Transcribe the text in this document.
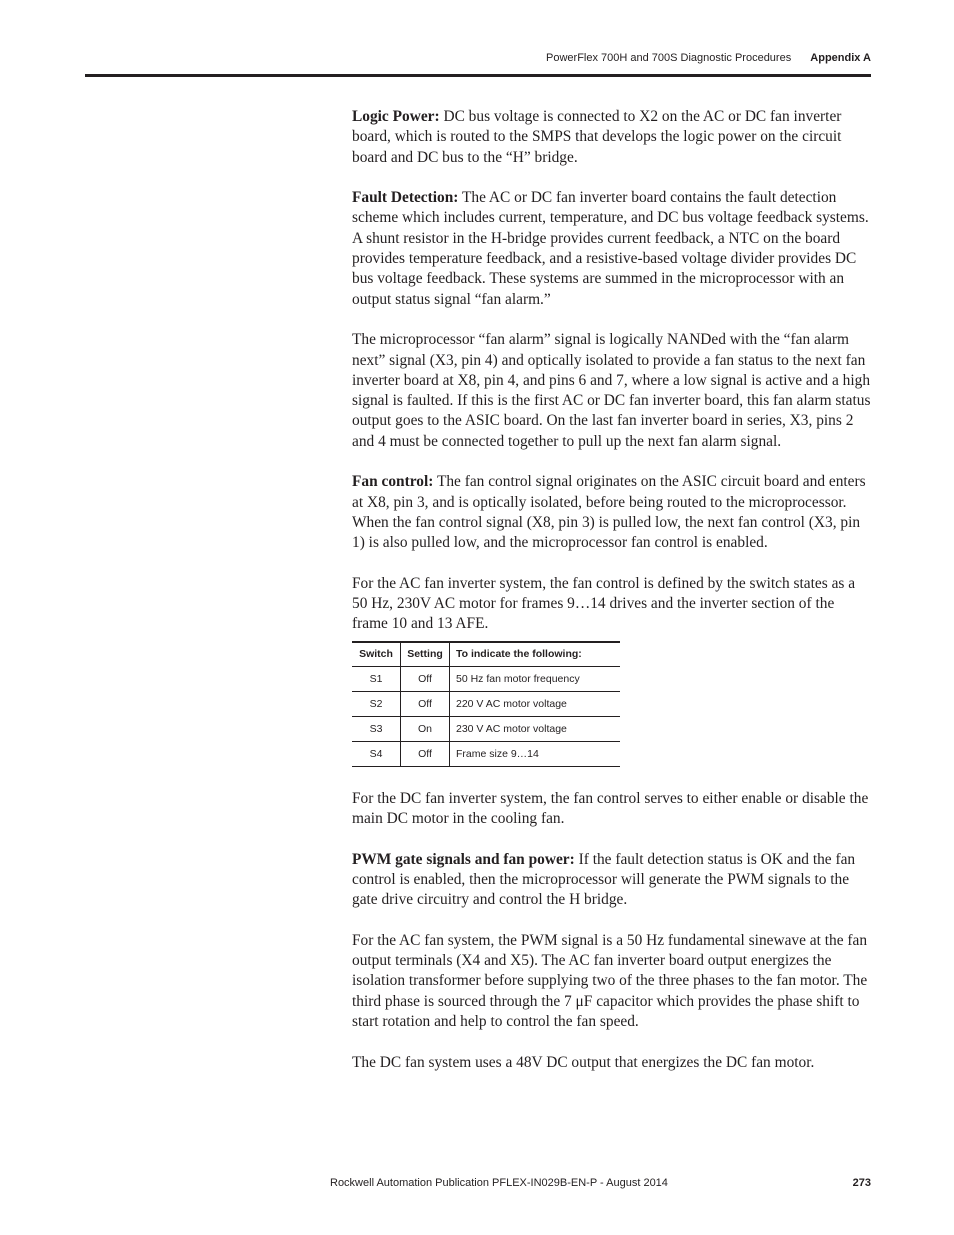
PowerFlex 700H and 700S Diagnostic Procedures Appendix A

Logic Power: DC bus voltage is connected to X2 on the AC or DC fan inverter board, which is routed to the SMPS that develops the logic power on the circuit board and DC bus to the “H” bridge.

Fault Detection: The AC or DC fan inverter board contains the fault detection scheme which includes current, temperature, and DC bus voltage feedback systems. A shunt resistor in the H-bridge provides current feedback, a NTC on the board provides temperature feedback, and a resistive-based voltage divider provides DC bus voltage feedback. These systems are summed in the microprocessor with an output status signal “fan alarm.”

The microprocessor “fan alarm” signal is logically NANDed with the “fan alarm next” signal (X3, pin 4) and optically isolated to provide a fan status to the next fan inverter board at X8, pin 4, and pins 6 and 7, where a low signal is active and a high signal is faulted. If this is the first AC or DC fan inverter board, this fan alarm status output goes to the ASIC board. On the last fan inverter board in series, X3, pins 2 and 4 must be connected together to pull up the next fan alarm signal.

Fan control: The fan control signal originates on the ASIC circuit board and enters at X8, pin 3, and is optically isolated, before being routed to the microprocessor. When the fan control signal (X8, pin 3) is pulled low, the next fan control (X3, pin 1) is also pulled low, and the microprocessor fan control is enabled.

For the AC fan inverter system, the fan control is defined by the switch states as a 50 Hz, 230V AC motor for frames 9…14 drives and the inverter section of the frame 10 and 13 AFE.

Switch	Setting	To indicate the following:
S1	Off	50 Hz fan motor frequency
S2	Off	220 V AC motor voltage
S3	On	230 V AC motor voltage
S4	Off	Frame size 9…14

For the DC fan inverter system, the fan control serves to either enable or disable the main DC motor in the cooling fan.

PWM gate signals and fan power: If the fault detection status is OK and the fan control is enabled, then the microprocessor will generate the PWM signals to the gate drive circuitry and control the H bridge.

For the AC fan system, the PWM signal is a 50 Hz fundamental sinewave at the fan output terminals (X4 and X5). The AC fan inverter board output energizes the isolation transformer before supplying two of the three phases to the fan motor. The third phase is sourced through the 7 μF capacitor which provides the phase shift to start rotation and help to control the fan speed.

The DC fan system uses a 48V DC output that energizes the DC fan motor.

Rockwell Automation Publication PFLEX-IN029B-EN-P - August 2014	273
